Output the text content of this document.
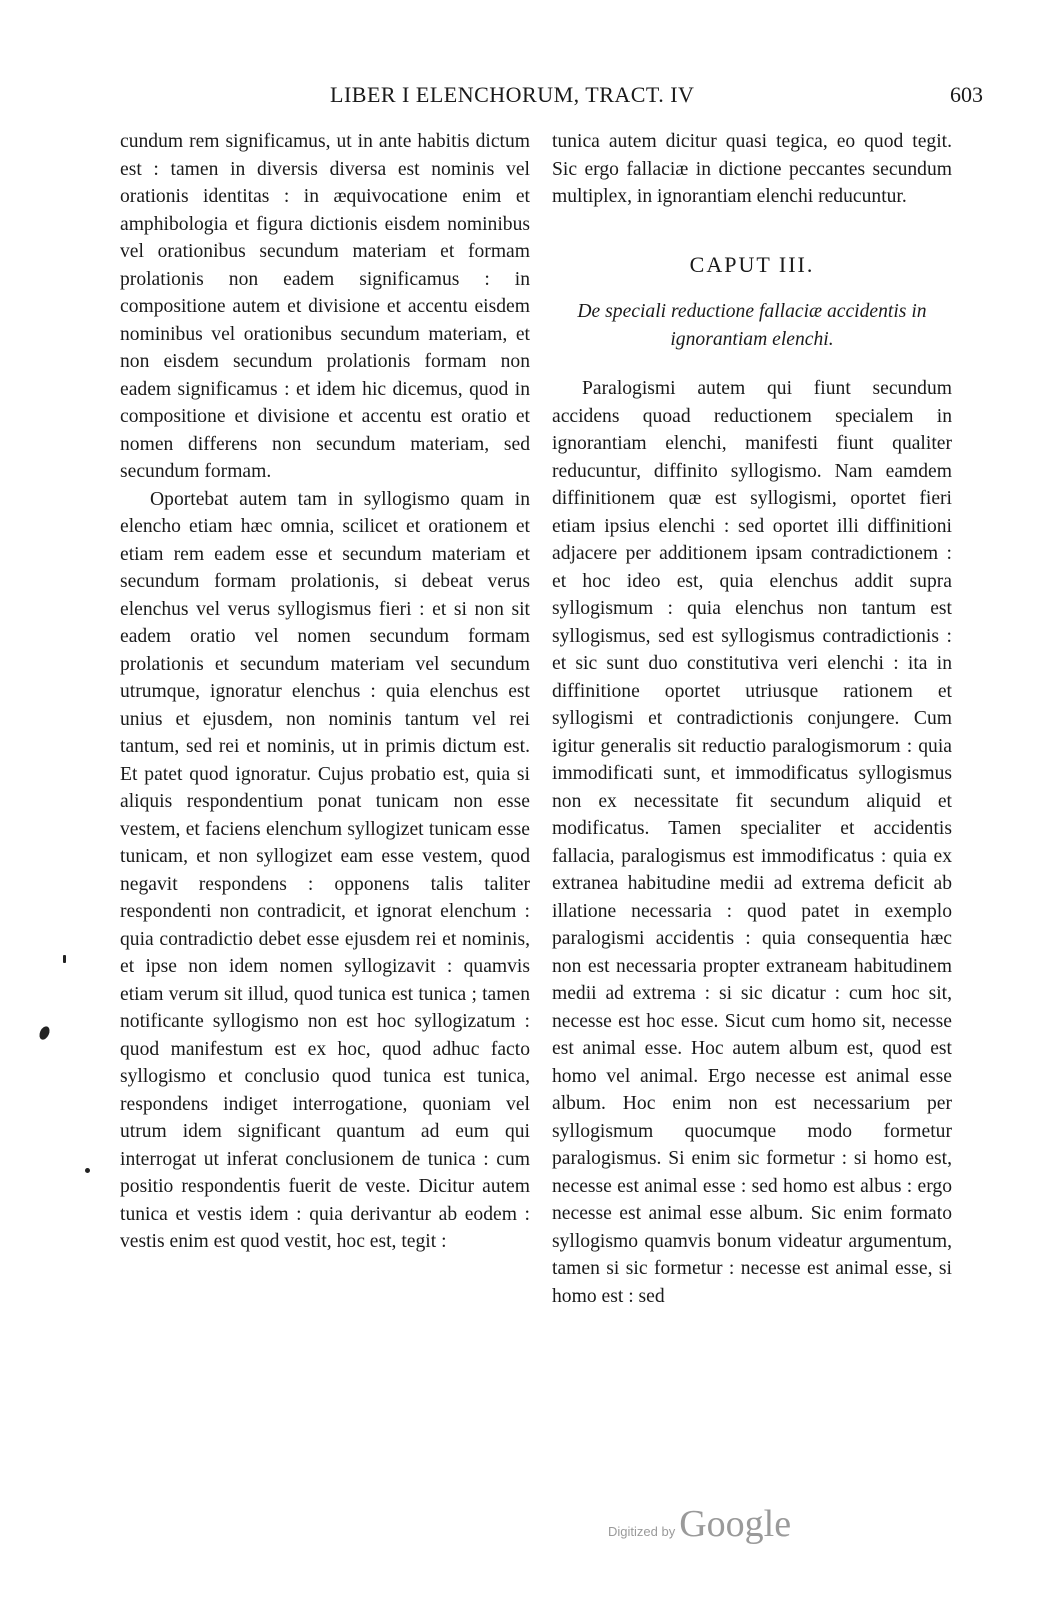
LIBER I ELENCHORUM, TRACT. IV	603

cundum rem significamus, ut in ante habitis dictum est : tamen in diversis diversa est nominis vel orationis identitas : in æquivocatione enim et amphibologia et figura dictionis eisdem nominibus vel orationibus secundum materiam et formam prolationis non eadem significamus : in compositione autem et divisione et accentu eisdem nominibus vel orationibus secundum materiam, et non eisdem secundum prolationis formam non eadem significamus : et idem hic dicemus, quod in compositione et divisione et accentu est oratio et nomen differens non secundum materiam, sed secundum formam.

Oportebat autem tam in syllogismo quam in elencho etiam hæc omnia, scilicet et orationem et etiam rem eadem esse et secundum materiam et secundum formam prolationis, si debeat verus elenchus vel verus syllogismus fieri : et si non sit eadem oratio vel nomen secundum formam prolationis et secundum materiam vel secundum utrumque, ignoratur elenchus : quia elenchus est unius et ejusdem, non nominis tantum vel rei tantum, sed rei et nominis, ut in primis dictum est. Et patet quod ignoratur. Cujus probatio est, quia si aliquis respondentium ponat tunicam non esse vestem, et faciens elenchum syllogizet tunicam esse tunicam, et non syllogizet eam esse vestem, quod negavit respondens : opponens talis taliter respondenti non contradicit, et ignorat elenchum : quia contradictio debet esse ejusdem rei et nominis, et ipse non idem nomen syllogizavit : quamvis etiam verum sit illud, quod tunica est tunica ; tamen notificante syllogismo non est hoc syllogizatum : quod manifestum est ex hoc, quod adhuc facto syllogismo et conclusio quod tunica est tunica, respondens indiget interrogatione, quoniam vel utrum idem significant quantum ad eum qui interrogat ut inferat conclusionem de tunica : cum positio respondentis fuerit de veste. Dicitur autem tunica et vestis idem : quia derivantur ab eodem : vestis enim est quod vestit, hoc est, tegit :

tunica autem dicitur quasi tegica, eo quod tegit. Sic ergo fallaciæ in dictione peccantes secundum multiplex, in ignorantiam elenchi reducuntur.

CAPUT III.

De speciali reductione fallaciæ accidentis in ignorantiam elenchi.

Paralogismi autem qui fiunt secundum accidens quoad reductionem specialem in ignorantiam elenchi, manifesti fiunt qualiter reducuntur, diffinito syllogismo. Nam eamdem diffinitionem quæ est syllogismi, oportet fieri etiam ipsius elenchi : sed oportet illi diffinitioni adjacere per additionem ipsam contradictionem : et hoc ideo est, quia elenchus addit supra syllogismum : quia elenchus non tantum est syllogismus, sed est syllogismus contradictionis : et sic sunt duo constitutiva veri elenchi : ita in diffinitione oportet utriusque rationem et syllogismi et contradictionis conjungere. Cum igitur generalis sit reductio paralogismorum : quia immodificati sunt, et immodificatus syllogismus non ex necessitate fit secundum aliquid et modificatus. Tamen specialiter et accidentis fallacia, paralogismus est immodificatus : quia ex extranea habitudine medii ad extrema deficit ab illatione necessaria : quod patet in exemplo paralogismi accidentis : quia consequentia hæc non est necessaria propter extraneam habitudinem medii ad extrema : si sic dicatur : cum hoc sit, necesse est hoc esse. Sicut cum homo sit, necesse est animal esse. Hoc autem album est, quod est homo vel animal. Ergo necesse est animal esse album. Hoc enim non est necessarium per syllogismum quocumque modo formetur paralogismus. Si enim sic formetur : si homo est, necesse est animal esse : sed homo est albus : ergo necesse est animal esse album. Sic enim formato syllogismo quamvis bonum videatur argumentum, tamen si sic formetur : necesse est animal esse, si homo est : sed

Digitized by Google
